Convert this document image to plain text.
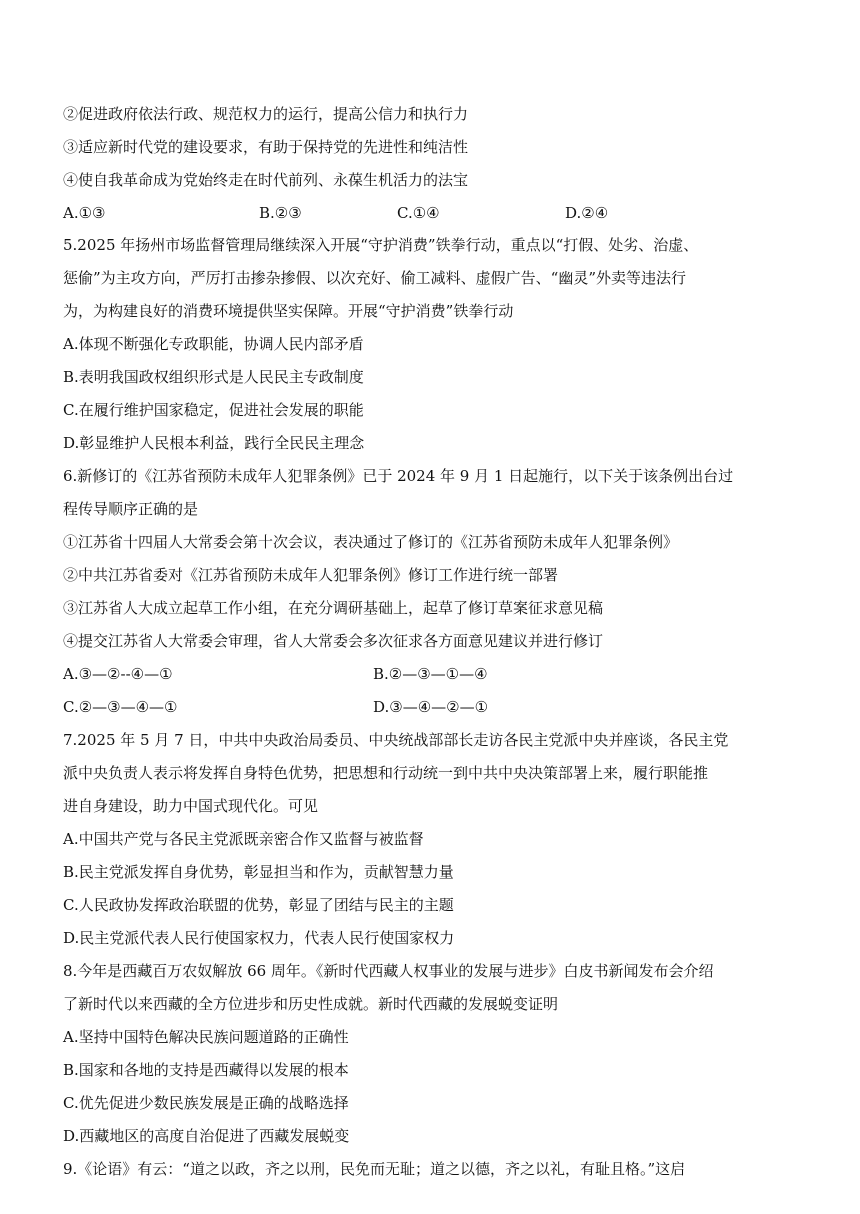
②促进政府依法行政、规范权力的运行，提高公信力和执行力
③适应新时代党的建设要求，有助于保持党的先进性和纯洁性
④使自我革命成为党始终走在时代前列、永葆生机活力的法宝
A.①③	B.②③	C.①④	D.②④
5.2025 年扬州市场监督管理局继续深入开展“守护消费”铁拳行动，重点以“打假、处劣、治虚、
惩偷”为主攻方向，严厉打击掺杂掺假、以次充好、偷工减料、虚假广告、“幽灵”外卖等违法行
为，为构建良好的消费环境提供坚实保障。开展“守护消费”铁拳行动
A.体现不断强化专政职能，协调人民内部矛盾
B.表明我国政权组织形式是人民民主专政制度
C.在履行维护国家稳定，促进社会发展的职能
D.彰显维护人民根本利益，践行全民民主理念
6.新修订的《江苏省预防未成年人犯罪条例》已于 2024 年 9 月 1 日起施行，以下关于该条例出台过
程传导顺序正确的是
①江苏省十四届人大常委会第十次会议，表决通过了修订的《江苏省预防未成年人犯罪条例》
②中共江苏省委对《江苏省预防未成年人犯罪条例》修订工作进行统一部署
③江苏省人大成立起草工作小组，在充分调研基础上，起草了修订草案征求意见稿
④提交江苏省人大常委会审理，省人大常委会多次征求各方面意见建议并进行修订
A.③—②--④—①	B.②—③—①—④
C.②—③—④—①	D.③—④—②—①
7.2025 年 5 月 7 日，中共中央政治局委员、中央统战部部长走访各民主党派中央并座谈，各民主党
派中央负责人表示将发挥自身特色优势，把思想和行动统一到中共中央决策部署上来，履行职能推
进自身建设，助力中国式现代化。可见
A.中国共产党与各民主党派既亲密合作又监督与被监督
B.民主党派发挥自身优势，彰显担当和作为，贡献智慧力量
C.人民政协发挥政治联盟的优势，彰显了团结与民主的主题
D.民主党派代表人民行使国家权力，代表人民行使国家权力
8.今年是西藏百万农奴解放 66 周年。《新时代西藏人权事业的发展与进步》白皮书新闻发布会介绍
了新时代以来西藏的全方位进步和历史性成就。新时代西藏的发展蜕变证明
A.坚持中国特色解决民族问题道路的正确性
B.国家和各地的支持是西藏得以发展的根本
C.优先促进少数民族发展是正确的战略选择
D.西藏地区的高度自治促进了西藏发展蜕变
9.《论语》有云：“道之以政，齐之以刑，民免而无耻；道之以德，齐之以礼，有耻且格。”这启
